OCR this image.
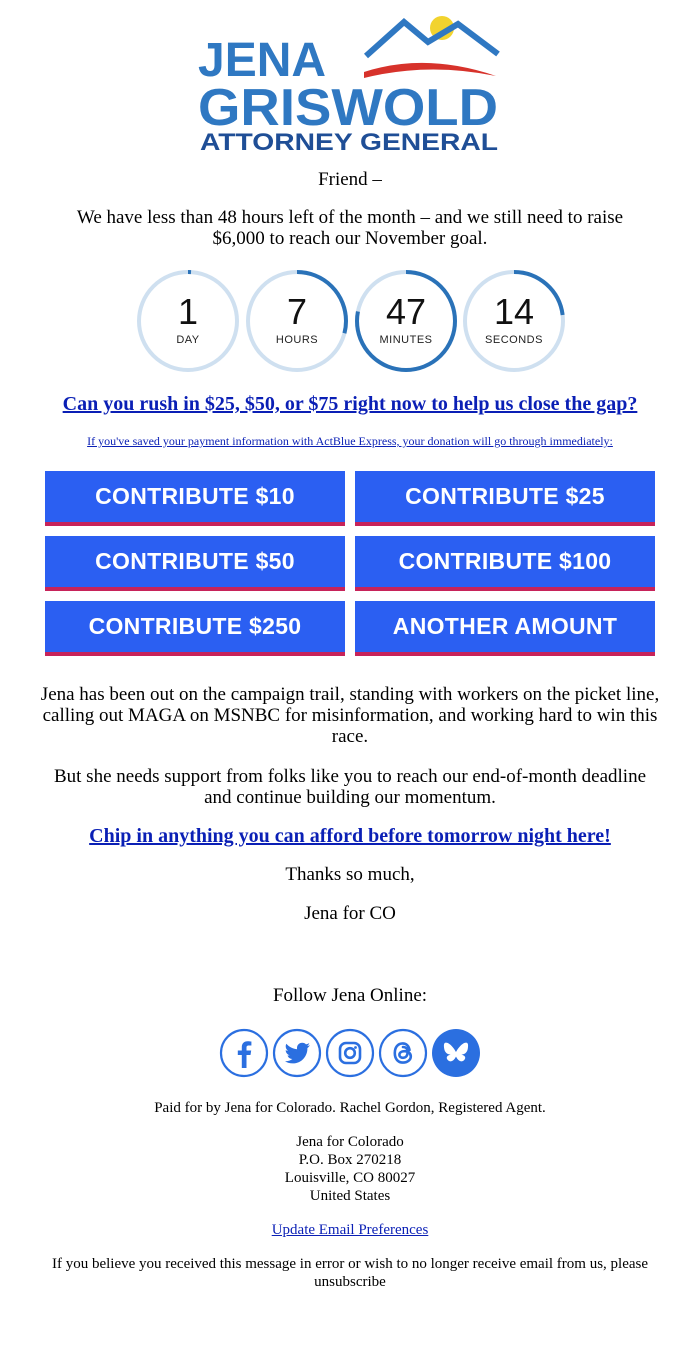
JENA
GRISWOLD
ATTORNEY GENERAL
Friend –
We have less than 48 hours left of the month – and we still need to raise $6,000 to reach our November goal.
1
DAY
7
HOURS
47
MINUTES
14
SECONDS
Can you rush in $25, $50, or $75 right now to help us close the gap?
If you've saved your payment information with ActBlue Express, your donation will go through immediately:
CONTRIBUTE $10	CONTRIBUTE $25
CONTRIBUTE $50	CONTRIBUTE $100
CONTRIBUTE $250	ANOTHER AMOUNT
Jena has been out on the campaign trail, standing with workers on the picket line, calling out MAGA on MSNBC for misinformation, and working hard to win this race.
But she needs support from folks like you to reach our end-of-month deadline and continue building our momentum.
Chip in anything you can afford before tomorrow night here!
Thanks so much,
Jena for CO
Follow Jena Online:
Paid for by Jena for Colorado. Rachel Gordon, Registered Agent.
Jena for Colorado
P.O. Box 270218
Louisville, CO 80027
United States
Update Email Preferences
If you believe you received this message in error or wish to no longer receive email from us, please unsubscribe
